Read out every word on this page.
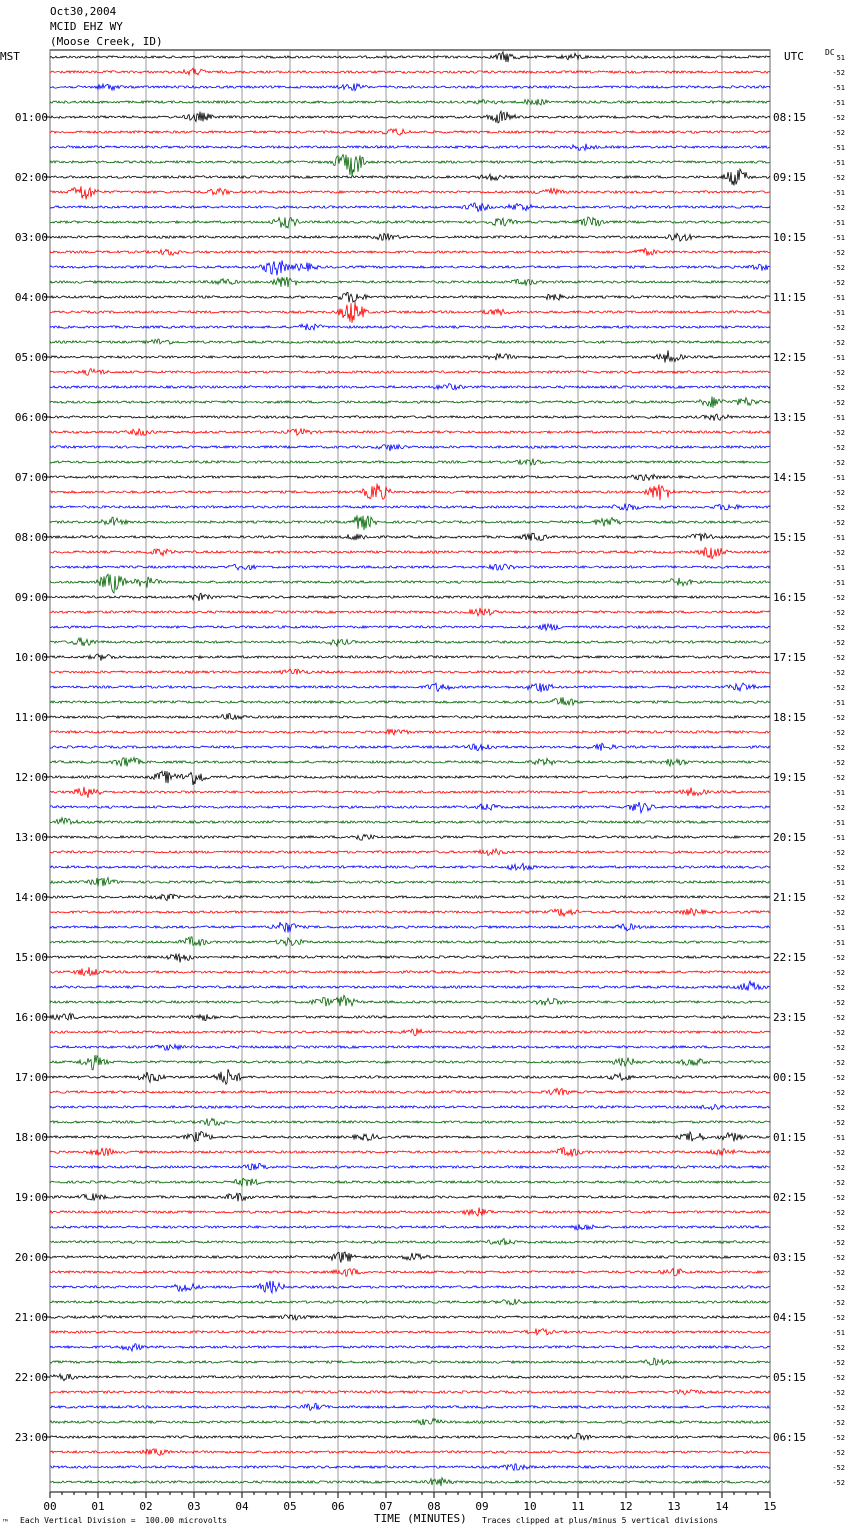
Oct30,2004
MCID EHZ WY
(Moose Creek, ID)
MST	UTC	DC
00	01	02	03	04	05	06	07	08	09	10	11	12	13	14	15
51
-52
-51
-51
-52
-52
-51
-51
-52
-51
-52
-51
-51
-52
-52
-52
-51
-51
-52
-52
-51
-52
-52
-52
-51
-52
-52
-52
-51
-52
-52
-52
-51
-52
-51
-51
-52
-52
-52
-52
-52
-52
-52
-51
-52
-52
-52
-52
-52
-51
-52
-51
-51
-52
-52
-51
-52
-52
-51
-51
-52
-52
-52
-52
-52
-52
-52
-52
-52
-52
-52
-52
-51
-52
-52
-52
-52
-52
-52
-52
-52
-52
-52
-52
-52
-51
-52
-52
-52
-52
-52
-52
-52
-52
-52
-52
01:00
02:00
03:00
04:00
05:00
06:00
07:00
08:00
09:00
10:00
11:00
12:00
13:00
14:00
15:00
16:00
17:00
18:00
19:00
20:00
21:00
22:00
23:00
08:15
09:15
10:15
11:15
12:15
13:15
14:15
15:15
16:15
17:15
18:15
19:15
20:15
21:15
22:15
23:15
00:15
01:15
02:15
03:15
04:15
05:15
06:15
™ Each Vertical Division =  100.00 microvolts	TIME (MINUTES) Traces clipped at plus/minus 5 vertical divisions
